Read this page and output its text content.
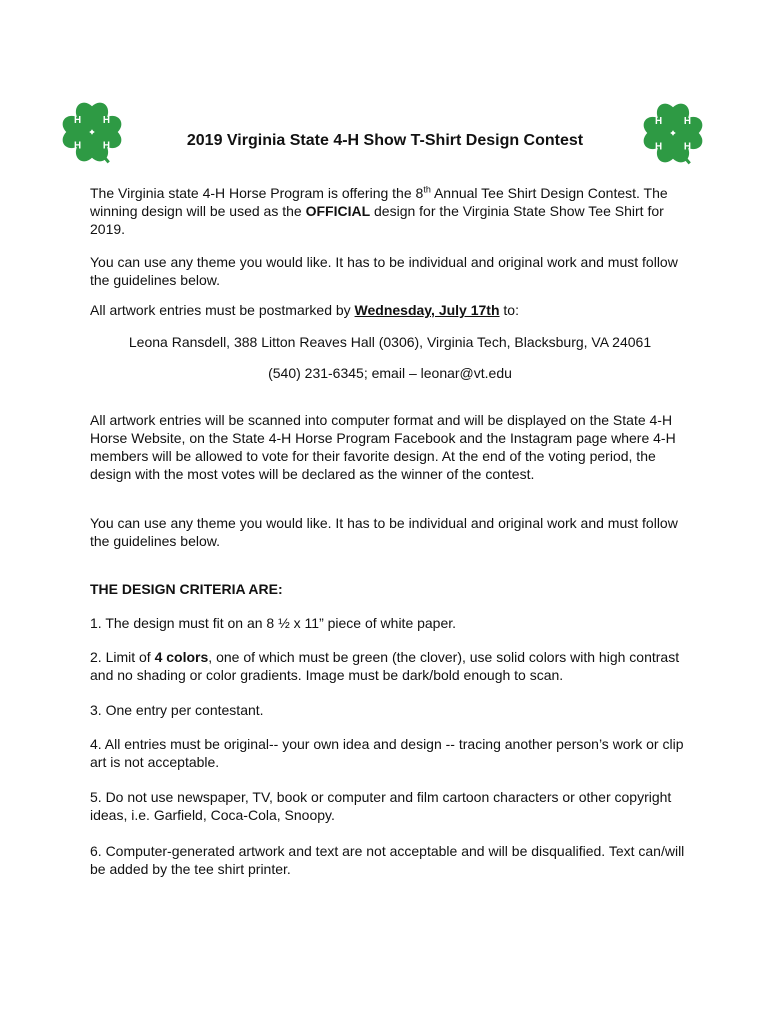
H H
H H
H H
H H
2019 Virginia State 4-H Show T-Shirt Design Contest

The Virginia state 4-H Horse Program is offering the 8th Annual Tee Shirt Design Contest. The winning design will be used as the OFFICIAL design for the Virginia State Show Tee Shirt for 2019.

You can use any theme you would like. It has to be individual and original work and must follow the guidelines below.

All artwork entries must be postmarked by Wednesday, July 17th to:

Leona Ransdell, 388 Litton Reaves Hall (0306), Virginia Tech, Blacksburg, VA 24061

(540) 231-6345; email – leonar@vt.edu

All artwork entries will be scanned into computer format and will be displayed on the State 4-H Horse Website, on the State 4-H Horse Program Facebook and the Instagram page where 4-H members will be allowed to vote for their favorite design. At the end of the voting period, the design with the most votes will be declared as the winner of the contest.

You can use any theme you would like. It has to be individual and original work and must follow the guidelines below.

THE DESIGN CRITERIA ARE:

1. The design must fit on an 8 ½ x 11” piece of white paper.

2. Limit of 4 colors, one of which must be green (the clover), use solid colors with high contrast and no shading or color gradients. Image must be dark/bold enough to scan.

3. One entry per contestant.

4. All entries must be original-- your own idea and design -- tracing another person’s work or clip art is not acceptable.

5. Do not use newspaper, TV, book or computer and film cartoon characters or other copyright ideas, i.e. Garfield, Coca-Cola, Snoopy.

6. Computer-generated artwork and text are not acceptable and will be disqualified. Text can/will be added by the tee shirt printer.
